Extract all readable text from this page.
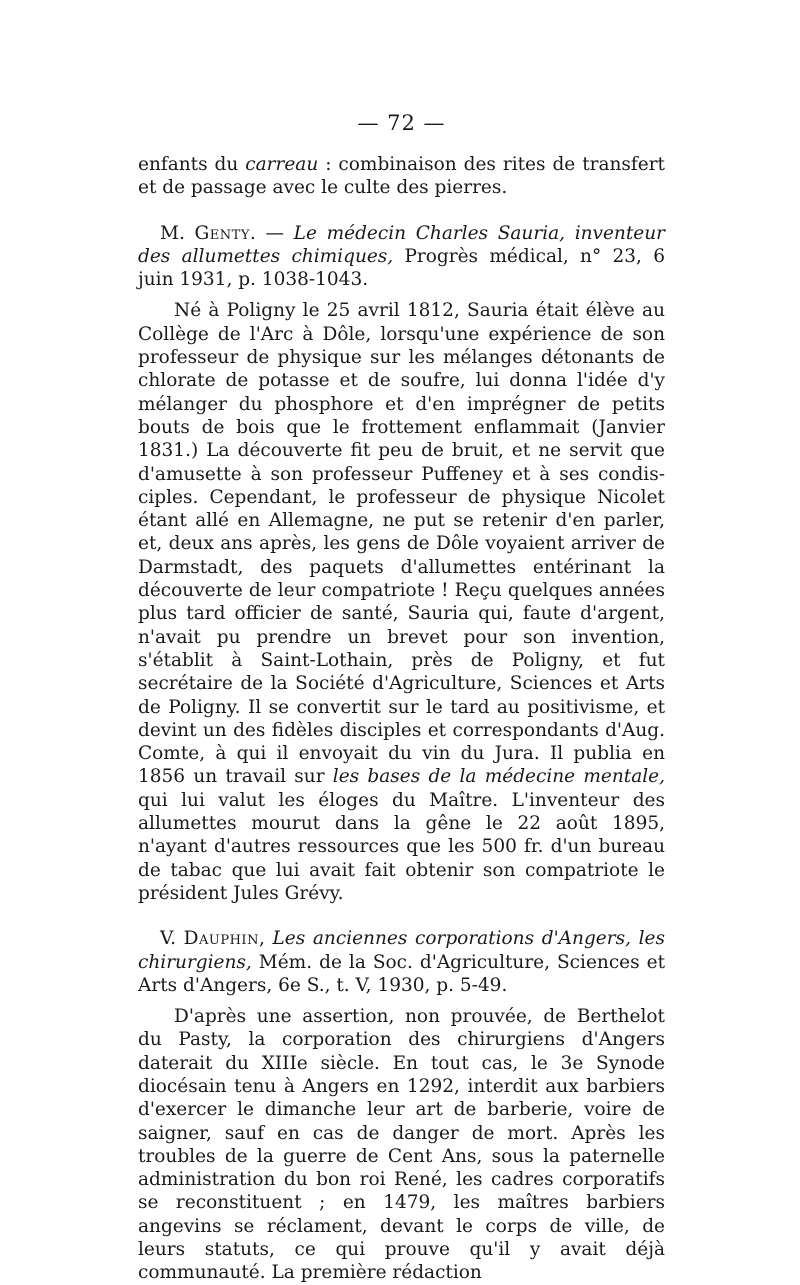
— 72 —

enfants du carreau : combinaison des rites de transfert et de passage avec le culte des pierres.

M. Genty. — Le médecin Charles Sauria, inventeur des allumettes chimiques, Progrès médical, n° 23, 6 juin 1931, p. 1038-1043.

Né à Poligny le 25 avril 1812, Sauria était élève au Collège de l'Arc à Dôle, lorsqu'une expérience de son professeur de physique sur les mélanges détonants de chlorate de potasse et de soufre, lui donna l'idée d'y mélanger du phosphore et d'en imprégner de petits bouts de bois que le frottement enflammait (Janvier 1831.) La découverte fit peu de bruit, et ne servit que d'amusette à son professeur Puffeney et à ses condisciples. Cependant, le professeur de physique Nicolet étant allé en Allemagne, ne put se retenir d'en parler, et, deux ans après, les gens de Dôle voyaient arriver de Darmstadt, des paquets d'allumettes entérinant la découverte de leur compatriote ! Reçu quelques années plus tard officier de santé, Sauria qui, faute d'argent, n'avait pu prendre un brevet pour son invention, s'établit à Saint-Lothain, près de Poligny, et fut secrétaire de la Société d'Agriculture, Sciences et Arts de Poligny. Il se convertit sur le tard au positivisme, et devint un des fidèles disciples et correspondants d'Aug. Comte, à qui il envoyait du vin du Jura. Il publia en 1856 un travail sur les bases de la médecine mentale, qui lui valut les éloges du Maître. L'inventeur des allumettes mourut dans la gêne le 22 août 1895, n'ayant d'autres ressources que les 500 fr. d'un bureau de tabac que lui avait fait obtenir son compatriote le président Jules Grévy.

V. Dauphin, Les anciennes corporations d'Angers, les chirurgiens, Mém. de la Soc. d'Agriculture, Sciences et Arts d'Angers, 6e S., t. V, 1930, p. 5-49.

D'après une assertion, non prouvée, de Berthelot du Pasty, la corporation des chirurgiens d'Angers daterait du XIIIe siècle. En tout cas, le 3e Synode diocésain tenu à Angers en 1292, interdit aux barbiers d'exercer le dimanche leur art de barberie, voire de saigner, sauf en cas de danger de mort. Après les troubles de la guerre de Cent Ans, sous la paternelle administration du bon roi René, les cadres corporatifs se reconstituent ; en 1479, les maîtres barbiers angevins se réclament, devant le corps de ville, de leurs statuts, ce qui prouve qu'il y avait déjà communauté. La première rédaction
